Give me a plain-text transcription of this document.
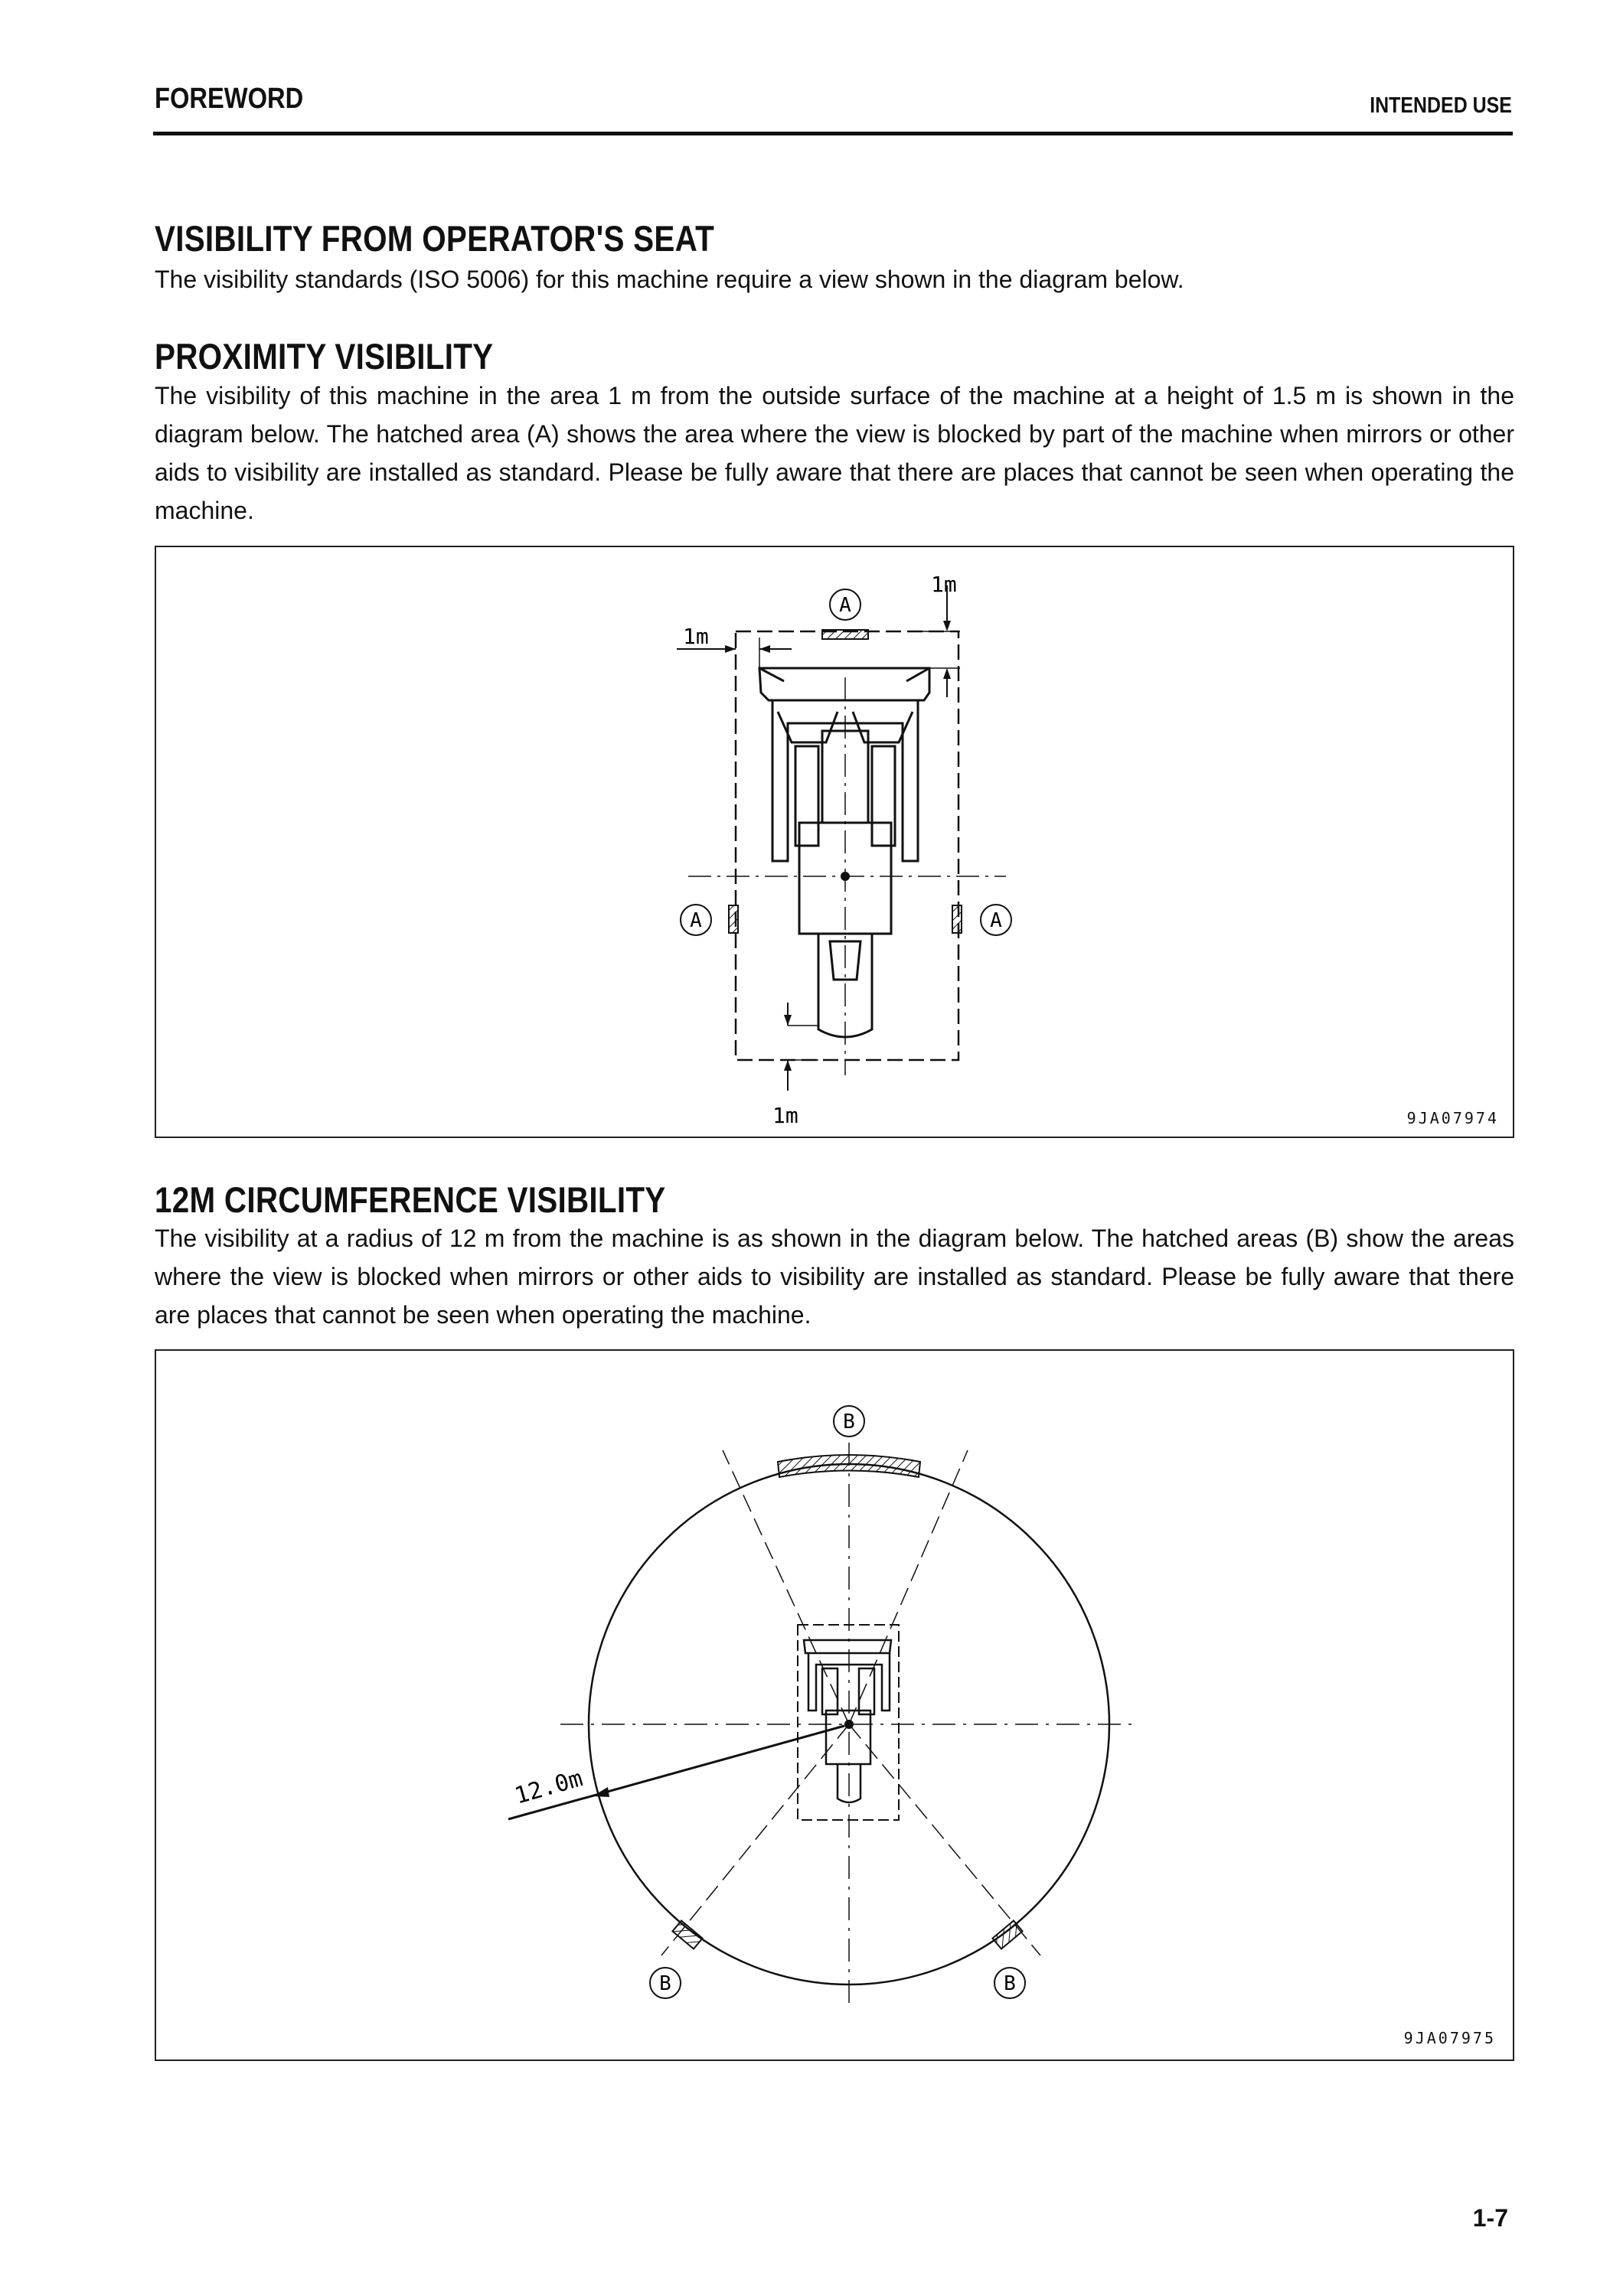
FOREWORD	INTENDED USE
VISIBILITY FROM OPERATOR'S SEAT

The visibility standards (ISO 5006) for this machine require a view shown in the diagram below.

PROXIMITY VISIBILITY

The visibility of this machine in the area 1 m from the outside surface of the machine at a height of 1.5 m is shown in the diagram below. The hatched area (A) shows the area where the view is blocked by part of the machine when mirrors or other aids to visibility are installed as standard. Please be fully aware that there are places that cannot be seen when operating the machine.

A
A	A
1m
1m
1m	9JA07974
12M CIRCUMFERENCE VISIBILITY

The visibility at a radius of 12 m from the machine is as shown in the diagram below. The hatched areas (B) show the areas where the view is blocked when mirrors or other aids to visibility are installed as standard. Please be fully aware that there are places that cannot be seen when operating the machine.

12.0m
B
B	B
9JA07975
1-7
